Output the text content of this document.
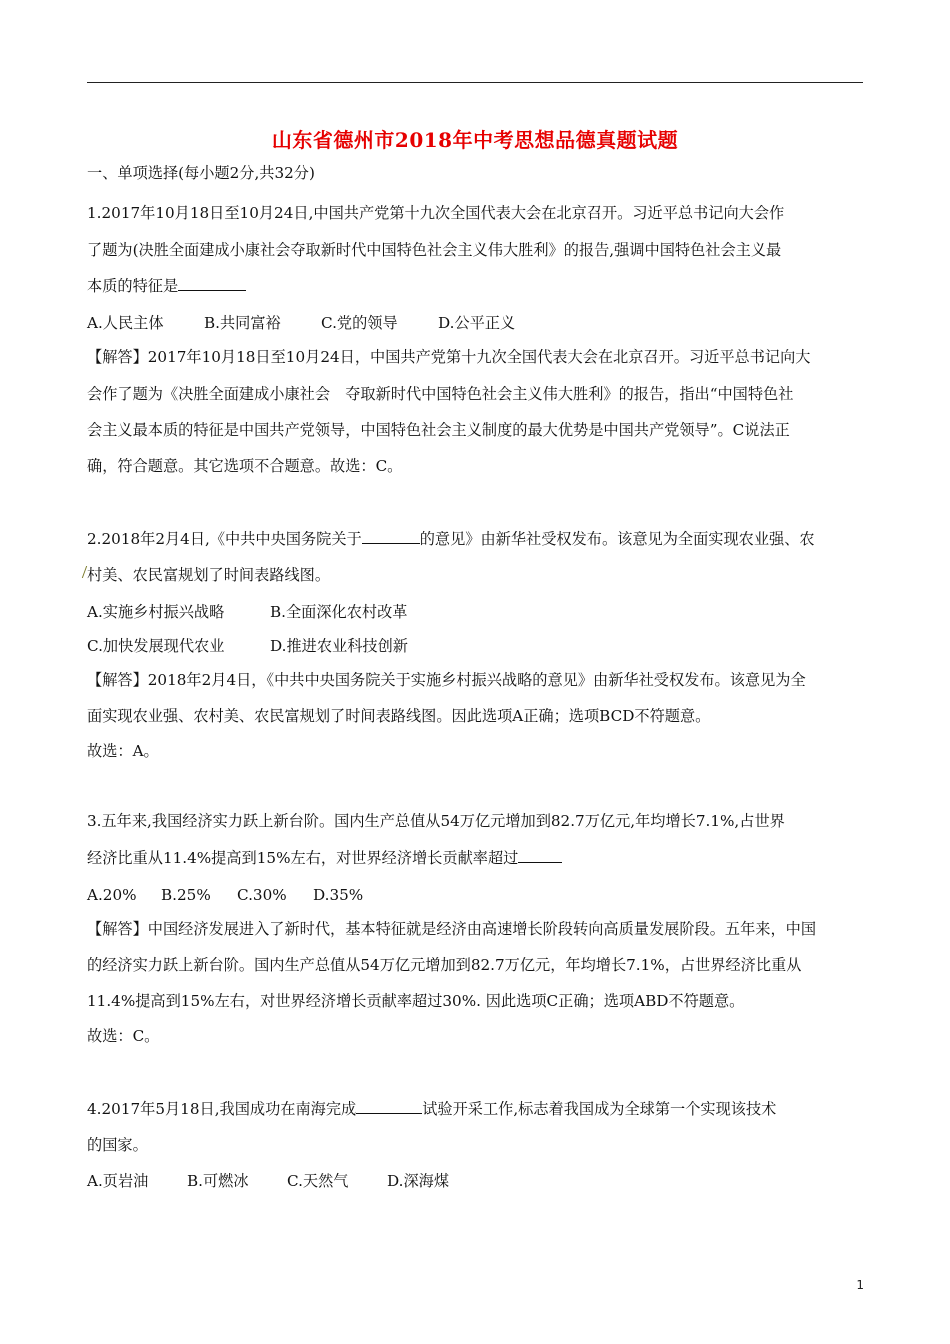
山东省德州市2018年中考思想品德真题试题
一、单项选择(每小题2分,共32分)
1.2017年10月18日至10月24日,中国共产党第十九次全国代表大会在北京召开。习近平总书记向大会作
了题为(决胜全面建成小康社会夺取新时代中国特色社会主义伟大胜利》的报告,强调中国特色社会主义最
本质的特征是
A.人民主体	B.共同富裕	C.党的领导	D.公平正义
【解答】2017年10月18日至10月24日，中国共产党第十九次全国代表大会在北京召开。习近平总书记向大
会作了题为《决胜全面建成小康社会　夺取新时代中国特色社会主义伟大胜利》的报告，指出“中国特色社
会主义最本质的特征是中国共产党领导，中国特色社会主义制度的最大优势是中国共产党领导”。C说法正
确，符合题意。其它选项不合题意。故选：C。
2.2018年2月4日,《中共中央国务院关于	的意见》由新华社受权发布。该意见为全面实现农业强、农
村美、农民富规划了时间表路线图。
A.实施乡村振兴战略	B.全面深化农村改革
C.加快发展现代农业	D.推进农业科技创新
【解答】2018年2月4日，《中共中央国务院关于实施乡村振兴战略的意见》由新华社受权发布。该意见为全
面实现农业强、农村美、农民富规划了时间表路线图。因此选项A正确；选项BCD不符题意。
故选：A。
3.五年来,我国经济实力跃上新台阶。国内生产总值从54万亿元增加到82.7万亿元,年均增长7.1%,占世界
经济比重从11.4%提高到15%左右，对世界经济增长贡献率超过
A.20% B.25% C.30% D.35%
【解答】中国经济发展进入了新时代，基本特征就是经济由高速增长阶段转向高质量发展阶段。五年来，中国
的经济实力跃上新台阶。国内生产总值从54万亿元增加到82.7万亿元，年均增长7.1%，占世界经济比重从
11.4%提高到15%左右，对世界经济增长贡献率超过30%. 因此选项C正确；选项ABD不符题意。
故选：C。
4.2017年5月18日,我国成功在南海完成	试验开采工作,标志着我国成为全球第一个实现该技术
的国家。
A.页岩油	B.可燃冰	C.天然气	D.深海煤
1
